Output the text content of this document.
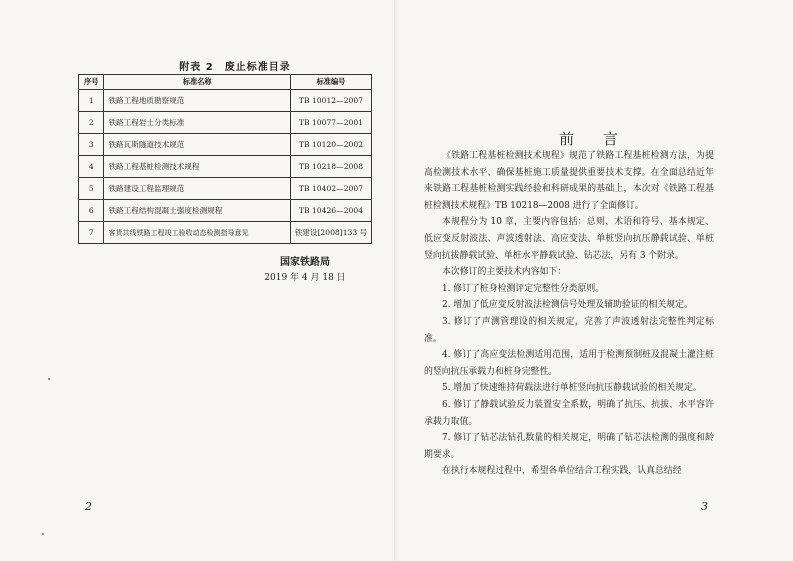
附表 2　废止标准目录
序号	标准名称	标准编号
1	铁路工程地质勘察规范	TB 10012—2007
2	铁路工程岩土分类标准	TB 10077—2001
3	铁路瓦斯隧道技术规范	TB 10120—2002
4	铁路工程基桩检测技术规程	TB 10218—2008
5	铁路建设工程监理规范	TB 10402—2007
6	铁路工程结构混凝土强度检测规程	TB 10426—2004
7	客货共线铁路工程竣工验收动态检测指导意见	铁建设[2008]133 号
国家铁路局
2019 年 4 月 18 日
2
前 言

《铁路工程基桩检测技术规程》规范了铁路工程基桩检测方法，为提高检测技术水平、确保基桩施工质量提供重要技术支撑。在全面总结近年来铁路工程基桩检测实践经验和科研成果的基础上，本次对《铁路工程基桩检测技术规程》TB 10218—2008 进行了全面修订。

本规程分为 10 章，主要内容包括：总则、术语和符号、基本规定、低应变反射波法、声波透射法、高应变法、单桩竖向抗压静载试验、单桩竖向抗拔静载试验、单桩水平静载试验、钻芯法，另有 3 个附录。

本次修订的主要技术内容如下：

1. 修订了桩身检测评定完整性分类原则。

2. 增加了低应变反射波法检测信号处理及辅助验证的相关规定。

3. 修订了声测管理设的相关规定，完善了声波透射法完整性判定标准。

4. 修订了高应变法检测适用范围，适用于检测预制桩及混凝土灌注桩的竖向抗压承载力和桩身完整性。

5. 增加了快速维持荷载法进行单桩竖向抗压静载试验的相关规定。

6. 修订了静载试验反力装置安全系数，明确了抗压、抗拔、水平容许承载力取值。

7. 修订了钻芯法钻孔数量的相关规定，明确了钻芯法检测的强度和龄期要求。

在执行本规程过程中，希望各单位结合工程实践，认真总结经

3
